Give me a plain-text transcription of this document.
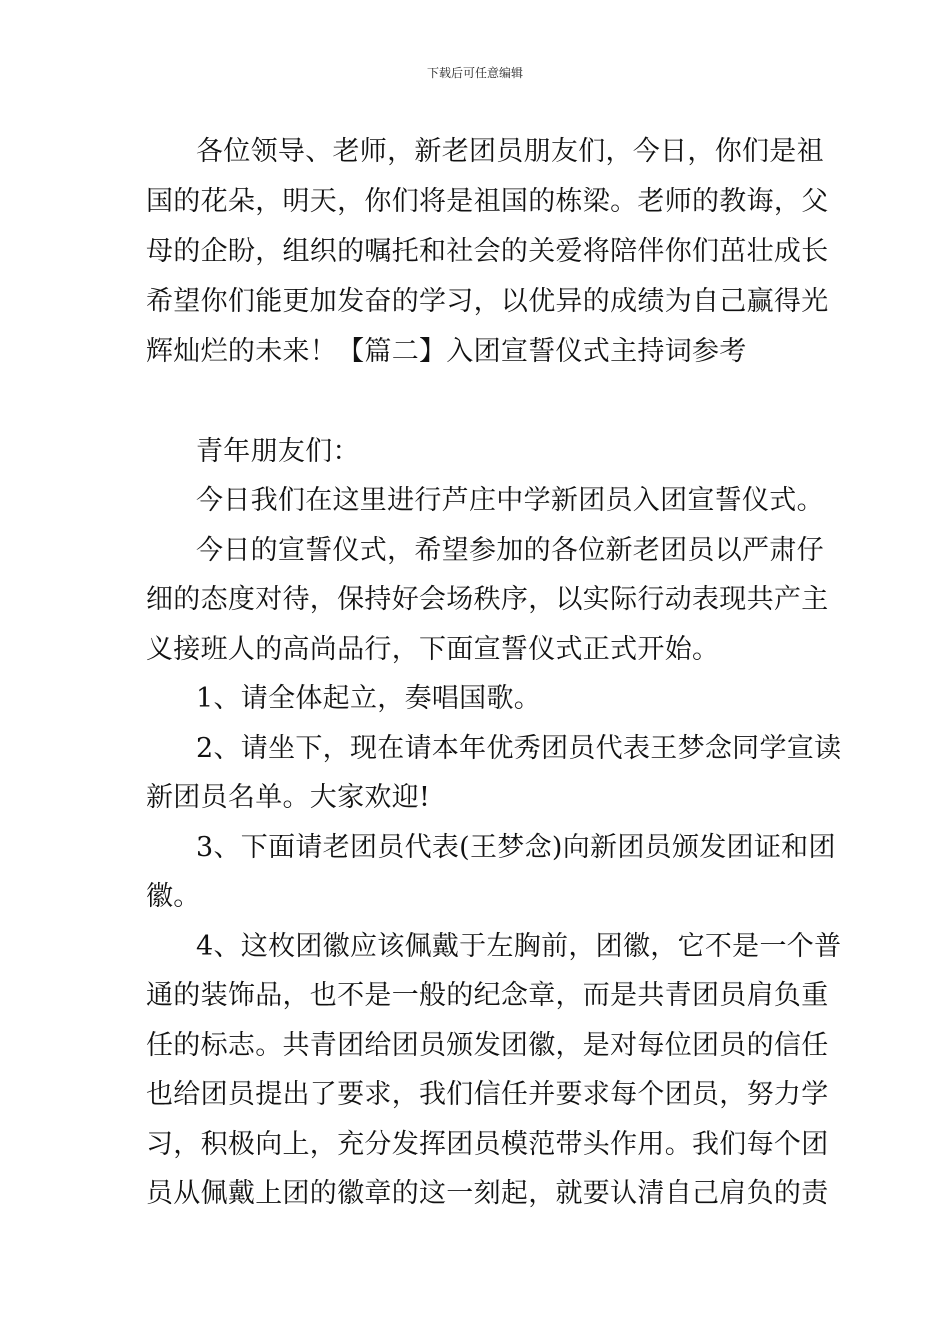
下载后可任意编辑
各位领导、老师，新老团员朋友们，今日，你们是祖
国的花朵，明天，你们将是祖国的栋梁。老师的教诲，父
母的企盼，组织的嘱托和社会的关爱将陪伴你们茁壮成长
希望你们能更加发奋的学习，以优异的成绩为自己赢得光
辉灿烂的未来！【篇二】入团宣誓仪式主持词参考
青年朋友们：
今日我们在这里进行芦庄中学新团员入团宣誓仪式。
今日的宣誓仪式，希望参加的各位新老团员以严肃仔
细的态度对待，保持好会场秩序，以实际行动表现共产主
义接班人的高尚品行，下面宣誓仪式正式开始。
1、请全体起立，奏唱国歌。
2、请坐下，现在请本年优秀团员代表王梦念同学宣读
新团员名单。大家欢迎!
3、下面请老团员代表(王梦念)向新团员颁发团证和团
徽。
4、这枚团徽应该佩戴于左胸前，团徽，它不是一个普
通的装饰品，也不是一般的纪念章，而是共青团员肩负重
任的标志。共青团给团员颁发团徽，是对每位团员的信任
也给团员提出了要求，我们信任并要求每个团员，努力学
习，积极向上，充分发挥团员模范带头作用。我们每个团
员从佩戴上团的徽章的这一刻起，就要认清自己肩负的责
